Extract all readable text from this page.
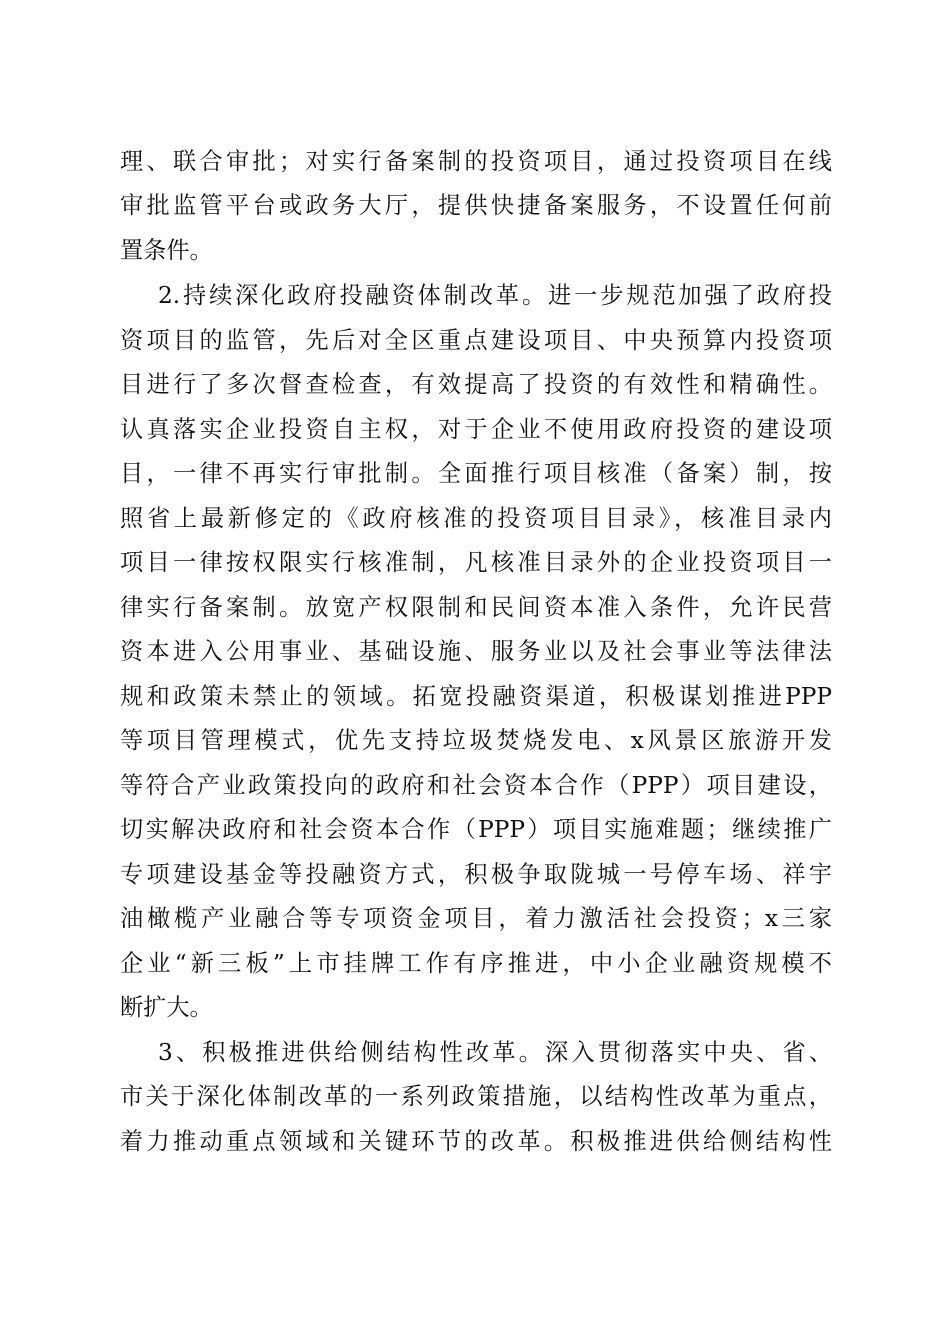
理、联合审批；对实行备案制的投资项目，通过投资项目在线
审批监管平台或政务大厅，提供快捷备案服务，不设置任何前
置条件。
2.持续深化政府投融资体制改革。进一步规范加强了政府投
资项目的监管，先后对全区重点建设项目、中央预算内投资项
目进行了多次督查检查，有效提高了投资的有效性和精确性。
认真落实企业投资自主权，对于企业不使用政府投资的建设项
目，一律不再实行审批制。全面推行项目核准（备案）制，按
照省上最新修定的《政府核准的投资项目目录》，核准目录内
项目一律按权限实行核准制，凡核准目录外的企业投资项目一
律实行备案制。放宽产权限制和民间资本准入条件，允许民营
资本进入公用事业、基础设施、服务业以及社会事业等法律法
规和政策未禁止的领域。拓宽投融资渠道，积极谋划推进PPP
等项目管理模式，优先支持垃圾焚烧发电、x风景区旅游开发
等符合产业政策投向的政府和社会资本合作（PPP）项目建设，
切实解决政府和社会资本合作（PPP）项目实施难题；继续推广
专项建设基金等投融资方式，积极争取陇城一号停车场、祥宇
油橄榄产业融合等专项资金项目，着力激活社会投资；x三家
企业“新三板”上市挂牌工作有序推进，中小企业融资规模不
断扩大。
3、积极推进供给侧结构性改革。深入贯彻落实中央、省、
市关于深化体制改革的一系列政策措施，以结构性改革为重点，
着力推动重点领域和关键环节的改革。积极推进供给侧结构性
